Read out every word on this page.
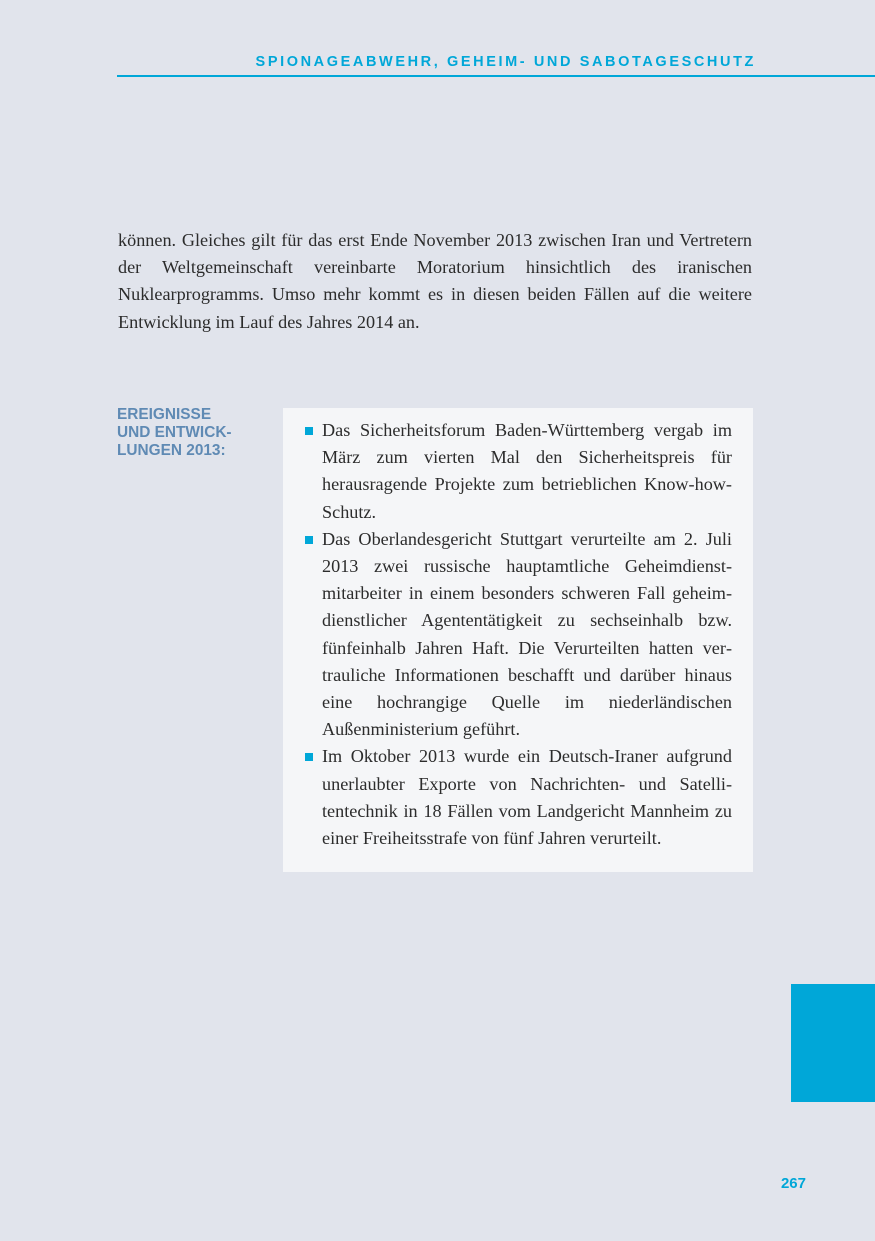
SPIONAGEABWEHR, GEHEIM- UND SABOTAGESCHUTZ

können. Gleiches gilt für das erst Ende November 2013 zwischen Iran und Vertretern der Weltgemeinschaft vereinbarte Moratorium hinsichtlich des iranischen Nuklearprogramms. Umso mehr kommt es in diesen beiden Fällen auf die weitere Entwicklung im Lauf des Jahres 2014 an.

EREIGNISSE
UND ENTWICK-
LUNGEN 2013:
Das Sicherheitsforum Baden-Württemberg vergab im März zum vierten Mal den Sicherheitspreis für herausragende Projekte zum betrieblichen Know-how-Schutz.
Das Oberlandesgericht Stuttgart verurteilte am 2. Juli 2013 zwei russische hauptamtliche Geheimdienstmitarbeiter in einem besonders schweren Fall geheimdienstlicher Agententätigkeit zu sechseinhalb bzw. fünfeinhalb Jahren Haft. Die Verurteilten hatten vertrauliche Informationen beschafft und darüber hinaus eine hochrangige Quelle im niederländischen Außenministerium geführt.
Im Oktober 2013 wurde ein Deutsch-Iraner aufgrund unerlaubter Exporte von Nachrichten- und Satellitentechnik in 18 Fällen vom Landgericht Mannheim zu einer Freiheitsstrafe von fünf Jahren verurteilt.
267
